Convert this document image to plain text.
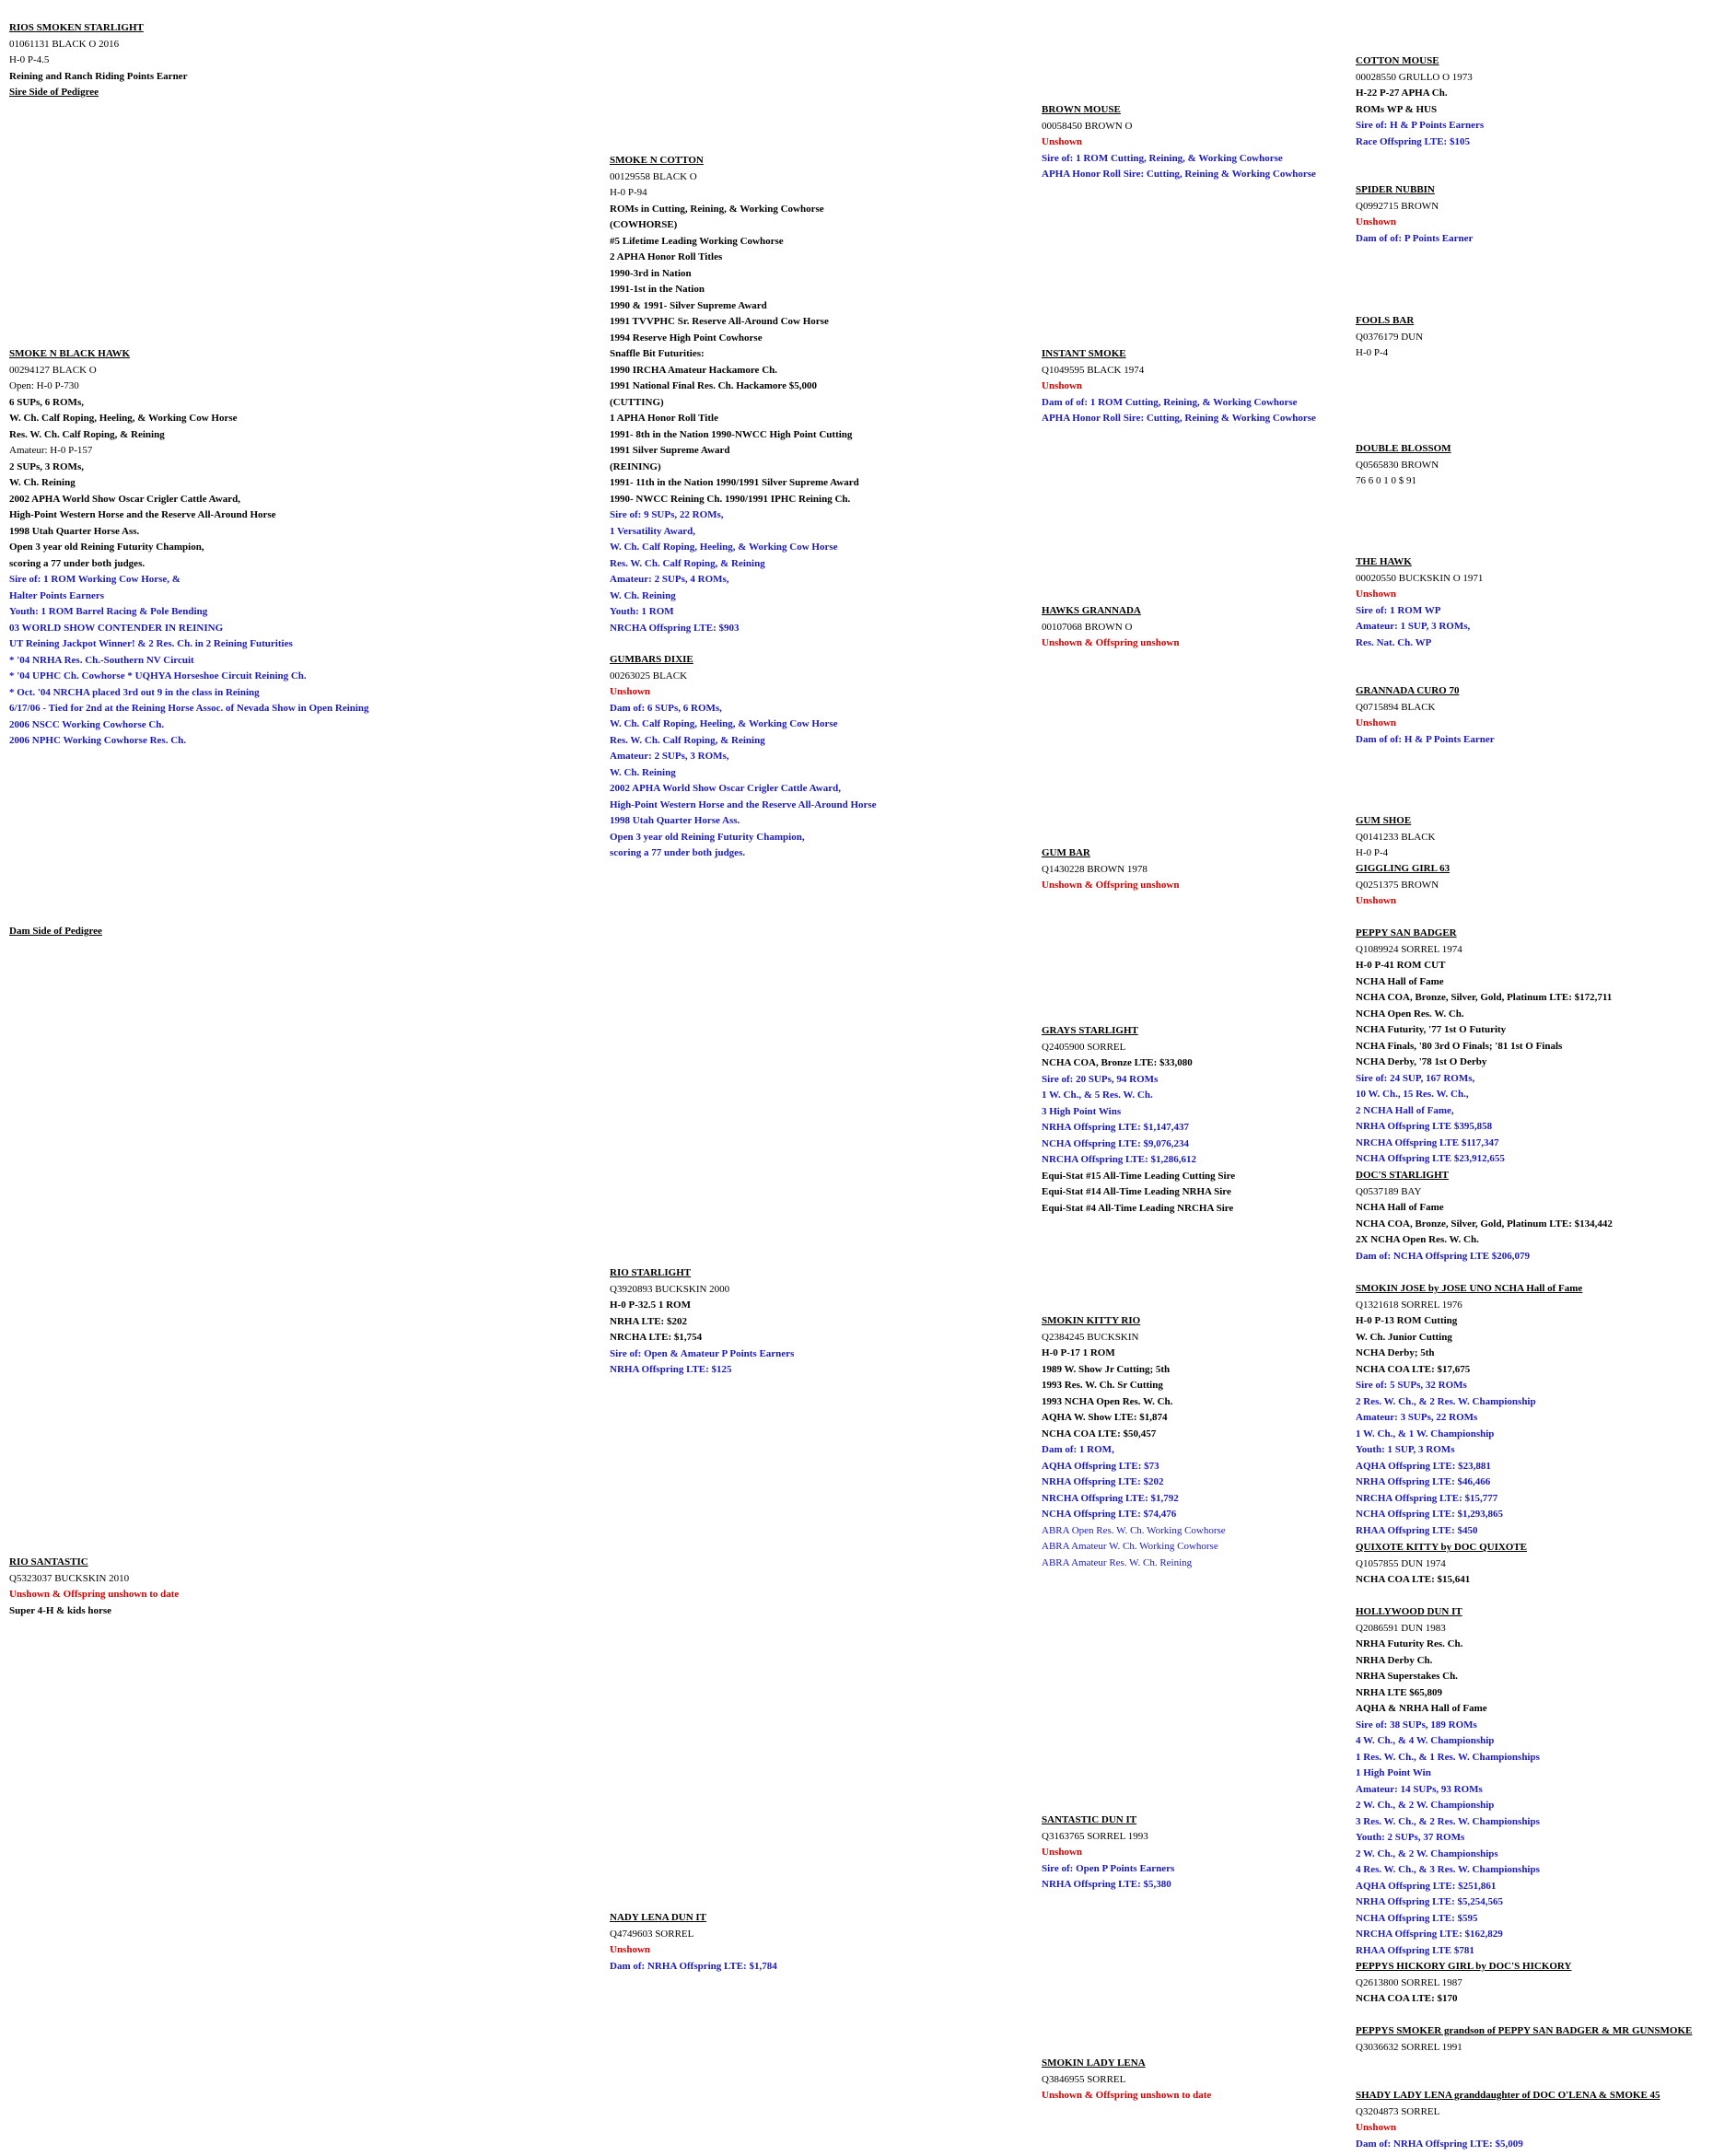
RIOS SMOKEN STARLIGHT
01061131 BLACK O 2016
H-0 P-4.5
Reining and Ranch Riding Points Earner
Sire Side of Pedigree
Dam Side of Pedigree
SMOKE N BLACK HAWK
00294127 BLACK O
Open: H-0 P-730
6 SUPs, 6 ROMs,
W. Ch. Calf Roping, Heeling, & Working Cow Horse
Res. W. Ch. Calf Roping, & Reining
Amateur: H-0 P-157
2 SUPs, 3 ROMs,
W. Ch. Reining
2002 APHA World Show Oscar Crigler Cattle Award,
High-Point Western Horse and the Reserve All-Around Horse
1998 Utah Quarter Horse Ass.
Open 3 year old Reining Futurity Champion,
scoring a 77 under both judges.
Sire of: 1 ROM Working Cow Horse, &
Halter Points Earners
Youth: 1 ROM Barrel Racing & Pole Bending
03 WORLD SHOW CONTENDER IN REINING
UT Reining Jackpot Winner! & 2 Res. Ch. in 2 Reining Futurities
* '04 NRHA Res. Ch.-Southern NV Circuit
* '04 UPHC Ch. Cowhorse * UQHYA Horseshoe Circuit Reining Ch.
* Oct. '04 NRCHA placed 3rd out 9 in the class in Reining
6/17/06 - Tied for 2nd at the Reining Horse Assoc. of Nevada Show in Open Reining
2006 NSCC Working Cowhorse Ch.
2006 NPHC Working Cowhorse Res. Ch.
RIO SANTASTIC
Q5323037 BUCKSKIN 2010
Unshown & Offspring unshown to date
Super 4-H & kids horse
SMOKE N COTTON
00129558 BLACK O
H-0 P-94
ROMs in Cutting, Reining, & Working Cowhorse
(COWHORSE)
#5 Lifetime Leading Working Cowhorse
2 APHA Honor Roll Titles
1990-3rd in Nation
1991-1st in the Nation
1990 & 1991- Silver Supreme Award
1991 TVVPHC Sr. Reserve All-Around Cow Horse
1994 Reserve High Point Cowhorse
Snaffle Bit Futurities:
1990 IRCHA Amateur Hackamore Ch.
1991 National Final Res. Ch. Hackamore $5,000
(CUTTING)
1 APHA Honor Roll Title
1991- 8th in the Nation 1990-NWCC High Point Cutting
1991 Silver Supreme Award
(REINING)
1991- 11th in the Nation 1990/1991 Silver Supreme Award
1990- NWCC Reining Ch. 1990/1991 IPHC Reining Ch.
Sire of: 9 SUPs, 22 ROMs,
1 Versatility Award,
W. Ch. Calf Roping, Heeling, & Working Cow Horse
Res. W. Ch. Calf Roping, & Reining
Amateur: 2 SUPs, 4 ROMs,
W. Ch. Reining
Youth: 1 ROM
NRCHA Offspring LTE: $903
GUMBARS DIXIE
00263025 BLACK
Unshown
Dam of: 6 SUPs, 6 ROMs,
W. Ch. Calf Roping, Heeling, & Working Cow Horse
Res. W. Ch. Calf Roping, & Reining
Amateur: 2 SUPs, 3 ROMs,
W. Ch. Reining
2002 APHA World Show Oscar Crigler Cattle Award,
High-Point Western Horse and the Reserve All-Around Horse
1998 Utah Quarter Horse Ass.
Open 3 year old Reining Futurity Champion,
scoring a 77 under both judges.
RIO STARLIGHT
Q3920893 BUCKSKIN 2000
H-0 P-32.5 1 ROM
NRHA LTE: $202
NRCHA LTE: $1,754
Sire of: Open & Amateur P Points Earners
NRHA Offspring LTE: $125
NADY LENA DUN IT
Q4749603 SORREL
Unshown
Dam of: NRHA Offspring LTE: $1,784
BROWN MOUSE
00058450 BROWN O
Unshown
Sire of: 1 ROM Cutting, Reining, & Working Cowhorse
APHA Honor Roll Sire: Cutting, Reining & Working Cowhorse
INSTANT SMOKE
Q1049595 BLACK 1974
Unshown
Dam of of: 1 ROM Cutting, Reining, & Working Cowhorse
APHA Honor Roll Sire: Cutting, Reining & Working Cowhorse
HAWKS GRANNADA
00107068 BROWN O
Unshown & Offspring unshown
GUM BAR
Q1430228 BROWN 1978
Unshown & Offspring unshown
GRAYS STARLIGHT
Q2405900 SORREL
NCHA COA, Bronze LTE: $33,080
Sire of: 20 SUPs, 94 ROMs
1 W. Ch., & 5 Res. W. Ch.
3 High Point Wins
NRHA Offspring LTE: $1,147,437
NCHA Offspring LTE: $9,076,234
NRCHA Offspring LTE: $1,286,612
Equi-Stat #15 All-Time Leading Cutting Sire
Equi-Stat #14 All-Time Leading NRHA Sire
Equi-Stat #4 All-Time Leading NRCHA Sire
SMOKIN KITTY RIO
Q2384245 BUCKSKIN
H-0 P-17 1 ROM
1989 W. Show Jr Cutting; 5th
1993 Res. W. Ch. Sr Cutting
1993 NCHA Open Res. W. Ch.
AQHA W. Show LTE: $1,874
NCHA COA LTE: $50,457
Dam of: 1 ROM,
AQHA Offspring LTE: $73
NRHA Offspring LTE: $202
NRCHA Offspring LTE: $1,792
NCHA Offspring LTE: $74,476
ABRA Open Res. W. Ch. Working Cowhorse
ABRA Amateur W. Ch. Working Cowhorse
ABRA Amateur Res. W. Ch. Reining
SANTASTIC DUN IT
Q3163765 SORREL 1993
Unshown
Sire of: Open P Points Earners
NRHA Offspring LTE: $5,380
SMOKIN LADY LENA
Q3846955 SORREL
Unshown & Offspring unshown to date
COTTON MOUSE
00028550 GRULLO O 1973
H-22 P-27 APHA Ch.
ROMs WP & HUS
Sire of: H & P Points Earners
Race Offspring LTE: $105
SPIDER NUBBIN
Q0992715 BROWN
Unshown
Dam of of: P Points Earner
FOOLS BAR
Q0376179 DUN
H-0 P-4
DOUBLE BLOSSOM
Q0565830 BROWN
76 6 0 1 0 $ 91
THE HAWK
00020550 BUCKSKIN O 1971
Unshown
Sire of: 1 ROM WP
Amateur: 1 SUP, 3 ROMs,
Res. Nat. Ch. WP
GRANNADA CURO 70
Q0715894 BLACK
Unshown
Dam of of: H & P Points Earner
GUM SHOE
Q0141233 BLACK
H-0 P-4
GIGGLING GIRL 63
Q0251375 BROWN
Unshown
PEPPY SAN BADGER
Q1089924 SORREL 1974
H-0 P-41 ROM CUT
NCHA Hall of Fame
NCHA COA, Bronze, Silver, Gold, Platinum LTE: $172,711
NCHA Open Res. W. Ch.
NCHA Futurity, '77 1st O Futurity
NCHA Finals, '80 3rd O Finals; '81 1st O Finals
NCHA Derby, '78 1st O Derby
Sire of: 24 SUP, 167 ROMs,
10 W. Ch., 15 Res. W. Ch.,
2 NCHA Hall of Fame,
NRHA Offspring LTE $395,858
NRCHA Offspring LTE $117,347
NCHA Offspring LTE $23,912,655
DOC'S STARLIGHT
Q0537189 BAY
NCHA Hall of Fame
NCHA COA, Bronze, Silver, Gold, Platinum LTE: $134,442
2X NCHA Open Res. W. Ch.
Dam of: NCHA Offspring LTE $206,079
SMOKIN JOSE by JOSE UNO NCHA Hall of Fame
Q1321618 SORREL 1976
H-0 P-13 ROM Cutting
W. Ch. Junior Cutting
NCHA Derby; 5th
NCHA COA LTE: $17,675
Sire of: 5 SUPs, 32 ROMs
2 Res. W. Ch., & 2 Res. W. Championship
Amateur: 3 SUPs, 22 ROMs
1 W. Ch., & 1 W. Championship
Youth: 1 SUP, 3 ROMs
AQHA Offspring LTE: $23,881
NRHA Offspring LTE: $46,466
NRCHA Offspring LTE: $15,777
NCHA Offspring LTE: $1,293,865
RHAA Offspring LTE: $450
QUIXOTE KITTY by DOC QUIXOTE
Q1057855 DUN 1974
NCHA COA LTE: $15,641
HOLLYWOOD DUN IT
Q2086591 DUN 1983
NRHA Futurity Res. Ch.
NRHA Derby Ch.
NRHA Superstakes Ch.
NRHA LTE $65,809
AQHA & NRHA Hall of Fame
Sire of: 38 SUPs, 189 ROMs
4 W. Ch., & 4 W. Championship
1 Res. W. Ch., & 1 Res. W. Championships
1 High Point Win
Amateur: 14 SUPs, 93 ROMs
2 W. Ch., & 2 W. Championship
3 Res. W. Ch., & 2 Res. W. Championships
Youth: 2 SUPs, 37 ROMs
2 W. Ch., & 2 W. Championships
4 Res. W. Ch., & 3 Res. W. Championships
AQHA Offspring LTE: $251,861
NRHA Offspring LTE: $5,254,565
NCHA Offspring LTE: $595
NRCHA Offspring LTE: $162,829
RHAA Offspring LTE $781
PEPPYS HICKORY GIRL by DOC'S HICKORY
Q2613800 SORREL 1987
NCHA COA LTE: $170
PEPPYS SMOKER grandson of PEPPY SAN BADGER & MR GUNSMOKE
Q3036632 SORREL 1991
SHADY LADY LENA granddaughter of DOC O'LENA & SMOKE 45
Q3204873 SORREL
Unshown
Dam of: NRHA Offspring LTE: $5,009
